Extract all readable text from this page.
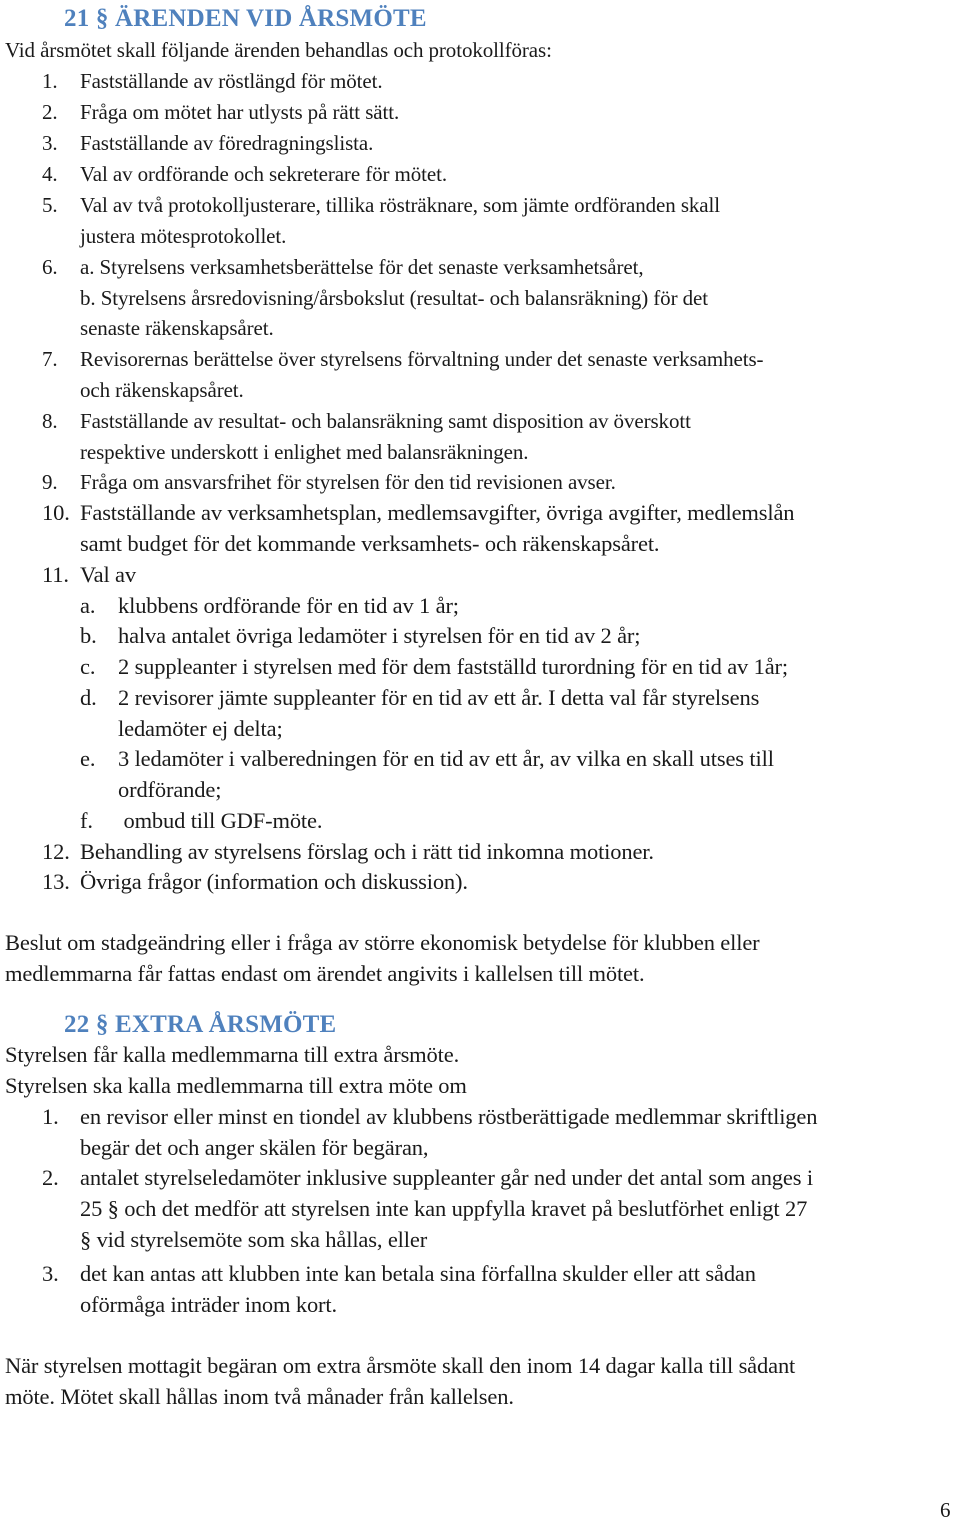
21 § ÄRENDEN VID ÅRSMÖTE
Vid årsmötet skall följande ärenden behandlas och protokollföras:
1. Fastställande av röstlängd för mötet.
2. Fråga om mötet har utlysts på rätt sätt.
3. Fastställande av föredragningslista.
4. Val av ordförande och sekreterare för mötet.
5. Val av två protokolljusterare, tillika rösträknare, som jämte ordföranden skall
justera mötesprotokollet.
6. a. Styrelsens verksamhetsberättelse för det senaste verksamhetsåret,
b. Styrelsens årsredovisning/årsbokslut (resultat- och balansräkning) för det
senaste räkenskapsåret.
7. Revisorernas berättelse över styrelsens förvaltning under det senaste verksamhets-
och räkenskapsåret.
8. Fastställande av resultat- och balansräkning samt disposition av överskott
respektive underskott i enlighet med balansräkningen.
9. Fråga om ansvarsfrihet för styrelsen för den tid revisionen avser.
10. Fastställande av verksamhetsplan, medlemsavgifter, övriga avgifter, medlemslån
samt budget för det kommande verksamhets- och räkenskapsåret.
11. Val av
a. klubbens ordförande för en tid av 1 år;
b. halva antalet övriga ledamöter i styrelsen för en tid av 2 år;
c. 2 suppleanter i styrelsen med för dem fastställd turordning för en tid av 1år;
d. 2 revisorer jämte suppleanter för en tid av ett år. I detta val får styrelsens
ledamöter ej delta;
e. 3 ledamöter i valberedningen för en tid av ett år, av vilka en skall utses till
ordförande;
f. ombud till GDF-möte.
12. Behandling av styrelsens förslag och i rätt tid inkomna motioner.
13. Övriga frågor (information och diskussion).
Beslut om stadgeändring eller i fråga av större ekonomisk betydelse för klubben eller
medlemmarna får fattas endast om ärendet angivits i kallelsen till mötet.
22 § EXTRA ÅRSMÖTE
Styrelsen får kalla medlemmarna till extra årsmöte.
Styrelsen ska kalla medlemmarna till extra möte om
1. en revisor eller minst en tiondel av klubbens röstberättigade medlemmar skriftligen
begär det och anger skälen för begäran,
2. antalet styrelseledamöter inklusive suppleanter går ned under det antal som anges i
25 § och det medför att styrelsen inte kan uppfylla kravet på beslutförhet enligt 27
§ vid styrelsemöte som ska hållas, eller
3. det kan antas att klubben inte kan betala sina förfallna skulder eller att sådan
oförmåga inträder inom kort.
När styrelsen mottagit begäran om extra årsmöte skall den inom 14 dagar kalla till sådant
möte. Mötet skall hållas inom två månader från kallelsen.
6
